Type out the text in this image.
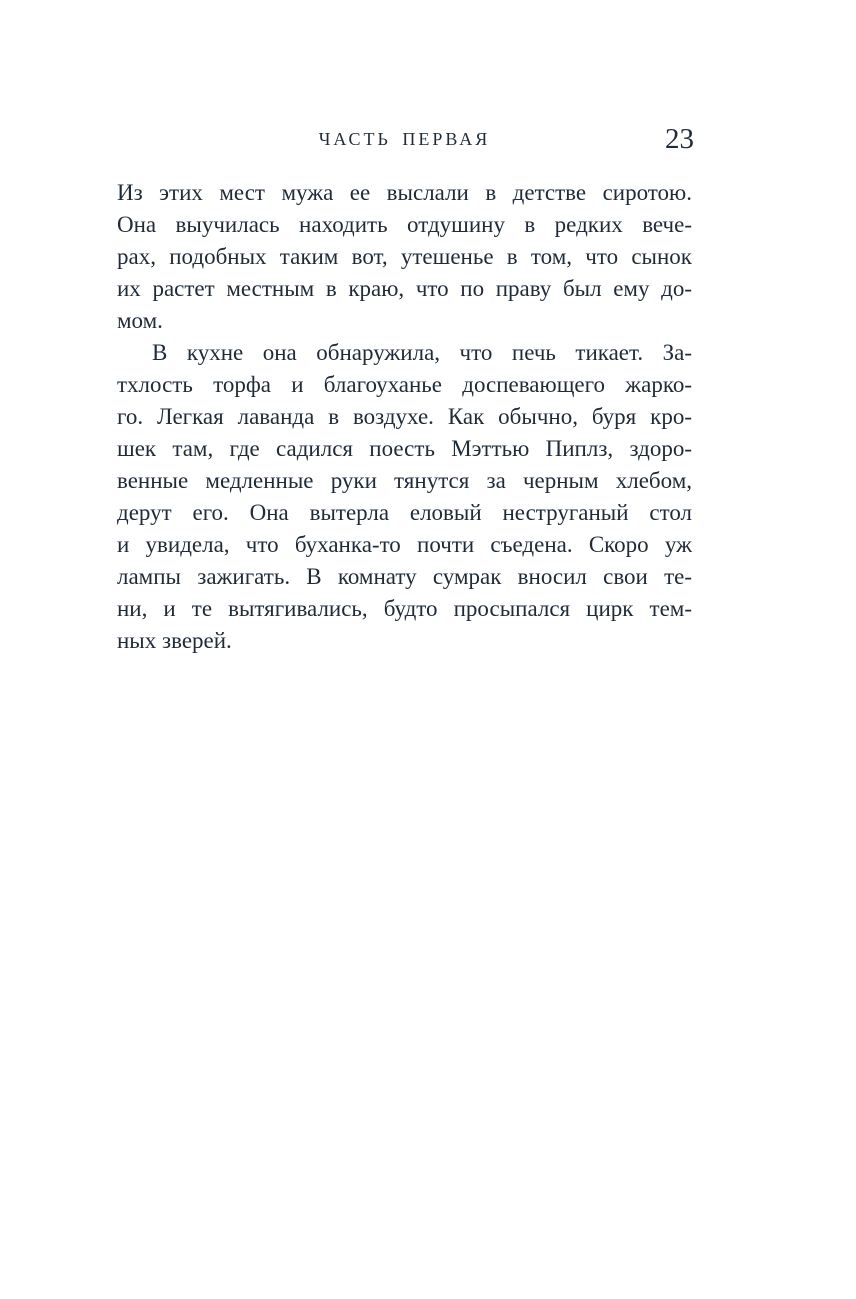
ЧАСТЬ ПЕРВАЯ	23
Из этих мест мужа ее выслали в детстве сиротою.
Она выучилась находить отдушину в редких вече-
рах, подобных таким вот, утешенье в том, что сынок
их растет местным в краю, что по праву был ему до-
мом.
В кухне она обнаружила, что печь тикает. За-
тхлость торфа и благоуханье доспевающего жарко-
го. Легкая лаванда в воздухе. Как обычно, буря кро-
шек там, где садился поесть Мэттью Пиплз, здоро-
венные медленные руки тянутся за черным хлебом,
дерут его. Она вытерла еловый неструганый стол
и увидела, что буханка-то почти съедена. Скоро уж
лампы зажигать. В комнату сумрак вносил свои те-
ни, и те вытягивались, будто просыпался цирк тем-
ных зверей.
